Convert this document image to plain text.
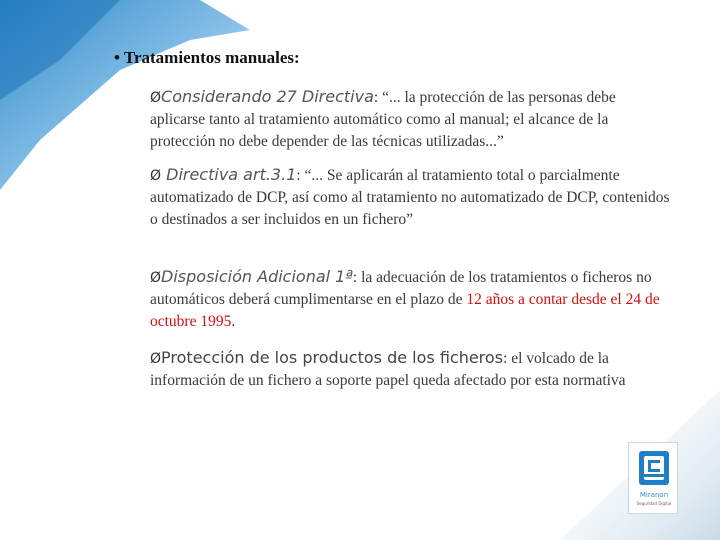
• Tratamientos manuales:
ØConsiderando 27 Directiva: “... la protección de las personas debe aplicarse tanto al tratamiento automático como al manual; el alcance de la protección no debe depender de las técnicas utilizadas...”
Ø Directiva art.3.1: “... Se aplicarán al tratamiento total o parcialmente automatizado de DCP, así como al tratamiento no automatizado de DCP, contenidos o destinados a ser incluidos en un fichero”
ØDisposición Adicional 1ª: la adecuación de los tratamientos o ficheros no automáticos deberá cumplimentarse en el plazo de 12 años a contar desde el 24 de octubre 1995.
ØProtección de los productos de los ficheros: el volcado de la información de un fichero a soporte papel queda afectado por esta normativa
Miranon
Seguridad Digital
